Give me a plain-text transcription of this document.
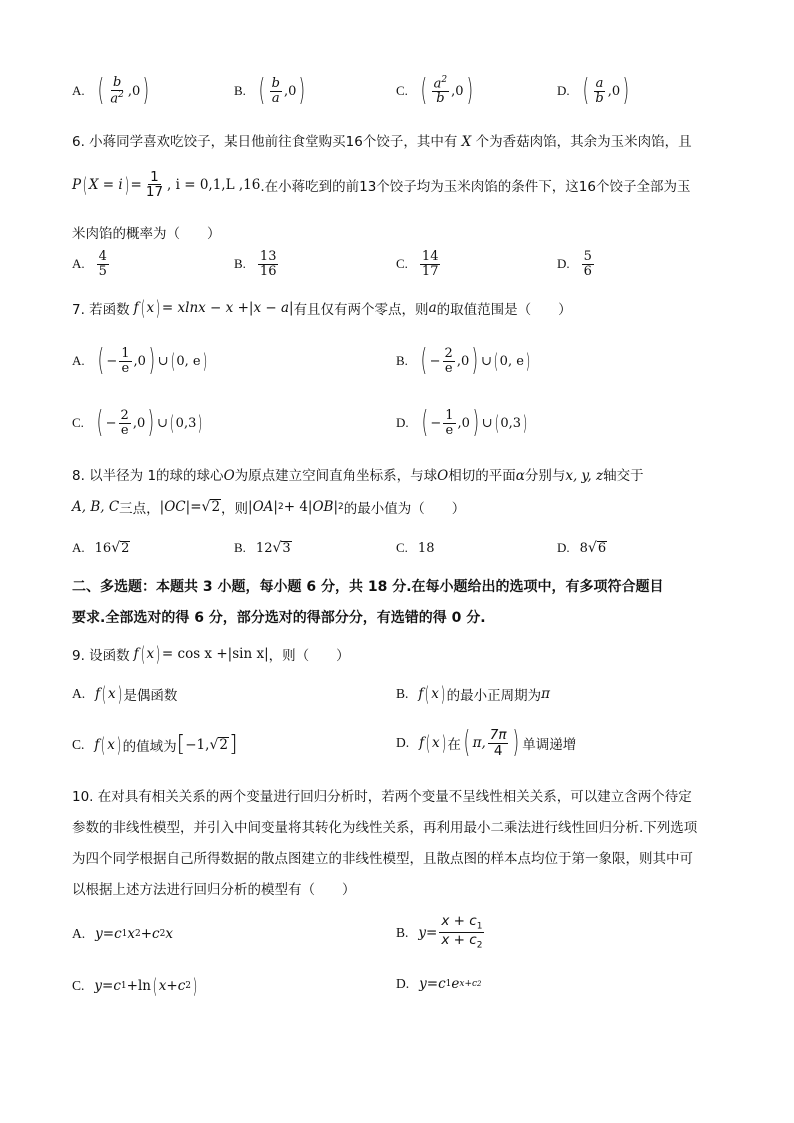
A. ( $\frac{b}{a^2} ,0$ )	B. ( $\frac{b}{a} ,0$ )	C. ( $\frac{a^2}{b} ,0$ )	D. ( $\frac{a}{b} ,0$ )
6. 小蒋同学喜欢吃饺子，某日他前往食堂购买16个饺子，其中有 X 个为香菇肉馅，其余为玉米肉馅，且
P ( X = i ) = $\frac{1}{17}$ , i = 0,1,L ,16 .在小蒋吃到的前13个饺子均为玉米肉馅的条件下，这16个饺子全部为玉
米肉馅的概率为（　　）
A. $\frac{4}{5}$	B. $\frac{13}{16}$	C. $\frac{14}{17}$	D. $\frac{5}{6}$
7. 若函数 f ( x ) = xlnx − x + | x − a | 有且仅有两个零点，则 a 的取值范围是（　　）
A. ( − $\frac{1}{e} ,0$ ) ∪ ( 0, e )	B. ( − $\frac{2}{e} ,0$ ) ∪ ( 0, e )
C. ( − $\frac{2}{e} ,0$ ) ∪ ( 0,3 )	D. ( − $\frac{1}{e} ,0$ ) ∪ ( 0,3 )
8. 以半径为 1的球的球心O为原点建立空间直角坐标系，与球O相切的平面α分别与x, y, z轴交于
A, B, C 三点， | OC | = √ 2 ，则 | OA | 2 + 4 | OB | 2 的最小值为（　　）
A. 16 √ 2	B. 12 √ 3	C. 18	D. 8 √ 6
二、多选题：本题共 3 小题，每小题 6 分，共 18 分.在每小题给出的选项中，有多项符合题目
要求.全部选对的得 6 分，部分选对的得部分分，有选错的得 0 分.
9. 设函数 f ( x ) = cos x + | sin x | ，则（　　）
A. f ( x ) 是偶函数	B. f ( x ) 的最小正周期为 π
C. f ( x ) 的值域为 [ −1, √ 2 ]	D. f ( x ) 在 ( π, $\frac{7\pi}{4}$ ) 单调递增
10. 在对具有相关关系的两个变量进行回归分析时，若两个变量不呈线性相关关系，可以建立含两个待定
参数的非线性模型，并引入中间变量将其转化为线性关系，再利用最小二乘法进行线性回归分析.下列选项
为四个同学根据自己所得数据的散点图建立的非线性模型，且散点图的样本点均位于第一象限，则其中可
以根据上述方法进行回归分析的模型有（　　）
A. y = c 1 x 2 + c 2 x	B. $y = \frac{x + c_1}{x + c_2}$
C. y = c 1 + ln ( x + c 2 )	D. y = c 1 e x+c2
